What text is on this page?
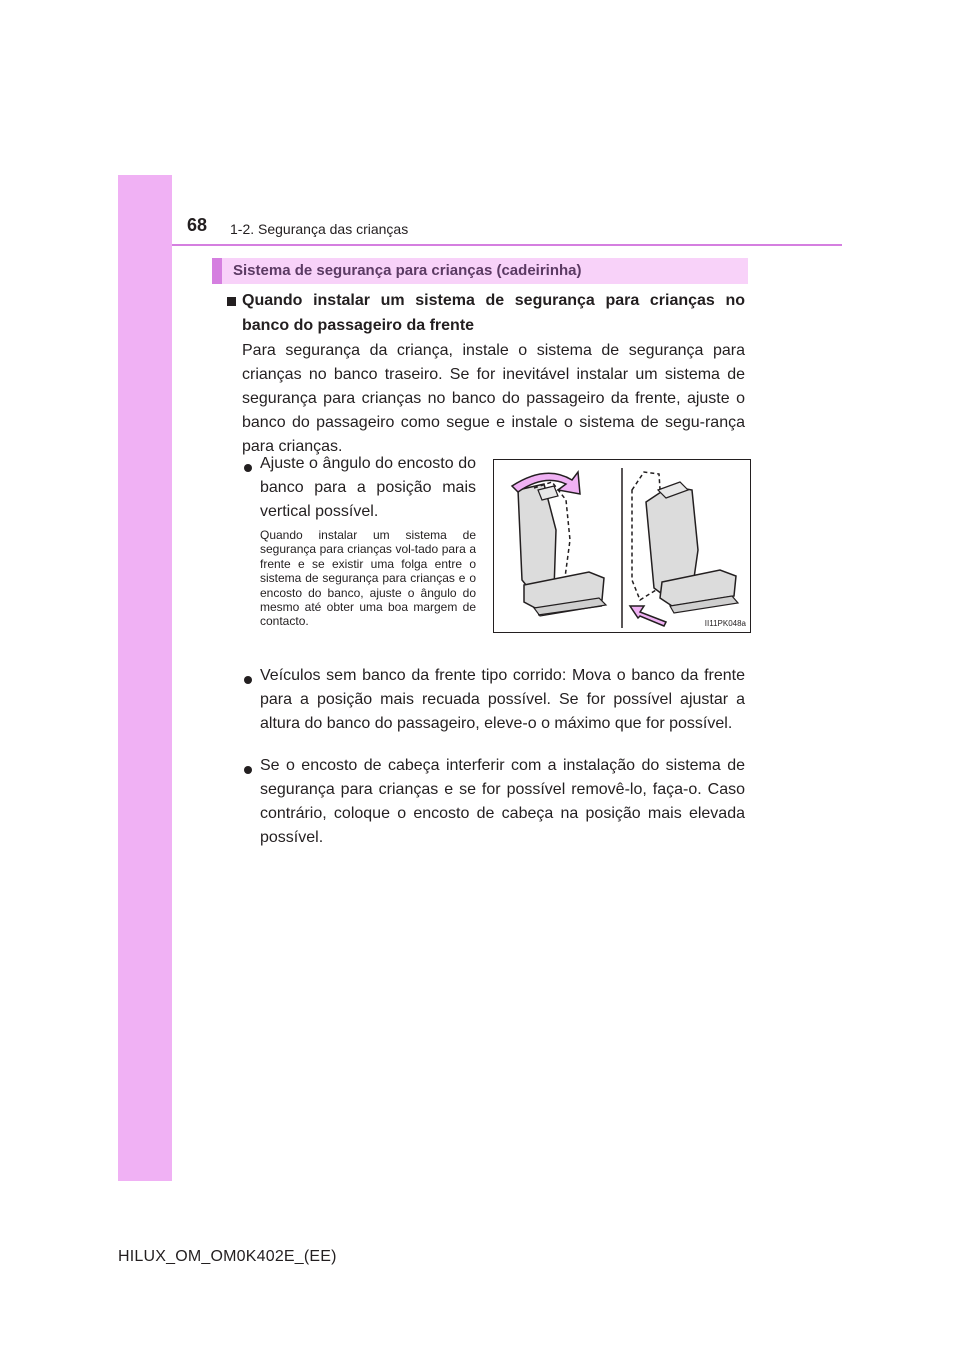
68 1-2. Segurança das crianças
Sistema de segurança para crianças (cadeirinha)
Quando instalar um sistema de segurança para crianças no banco do passageiro da frente
Para segurança da criança, instale o sistema de segurança para crianças no banco traseiro. Se for inevitável instalar um sistema de segurança para crianças no banco do passageiro da frente, ajuste o banco do passageiro como segue e instale o sistema de segu-rança para crianças.
Ajuste o ângulo do encosto do banco para a posição mais vertical possível.
Quando instalar um sistema de segurança para crianças vol-tado para a frente e se existir uma folga entre o sistema de segurança para crianças e o encosto do banco, ajuste o ângulo do mesmo até obter uma boa margem de contacto.	II11PK048a
Veículos sem banco da frente tipo corrido: Mova o banco da frente para a posição mais recuada possível. Se for possível ajustar a altura do banco do passageiro, eleve-o o máximo que for possível.
Se o encosto de cabeça interferir com a instalação do sistema de segurança para crianças e se for possível removê-lo, faça-o. Caso contrário, coloque o encosto de cabeça na posição mais elevada possível.
HILUX_OM_OM0K402E_(EE)
